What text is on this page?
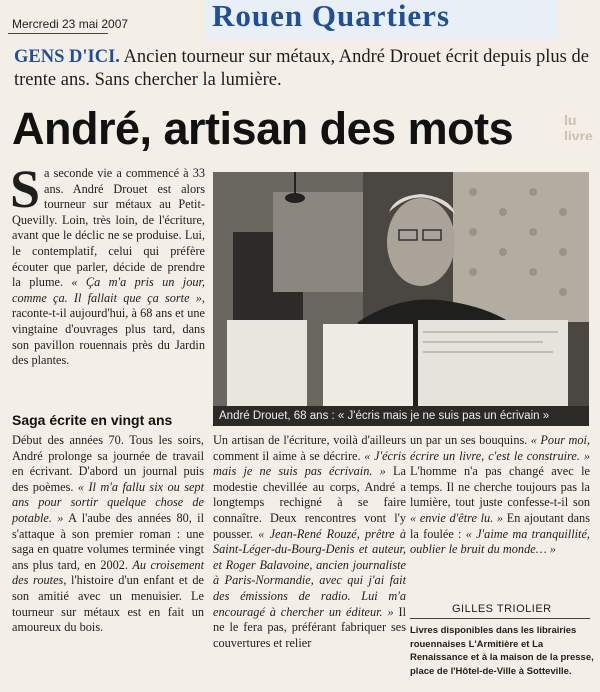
Mercredi 23 mai 2007	Rouen Quartiers
lu livre
GENS D'ICI. Ancien tourneur sur métaux, André Drouet écrit depuis plus de trente ans. Sans chercher la lumière.
André, artisan des mots

Sa seconde vie a commencé à 33 ans. André Drouet est alors tourneur sur métaux au Petit-Quevilly. Loin, très loin, de l'écriture, avant que le déclic ne se produise. Lui, le contemplatif, celui qui préfère écouter que parler, décide de prendre la plume. « Ça m'a pris un jour, comme ça. Il fallait que ça sorte », raconte-t-il aujourd'hui, à 68 ans et une vingtaine d'ouvrages plus tard, dans son pavillon rouennais près du Jardin des plantes.

André Drouet, 68 ans : « J'écris mais je ne suis pas un écrivain »
Saga écrite en vingt ans

Début des années 70. Tous les soirs, André prolonge sa journée de travail en écrivant. D'abord un journal puis des poèmes. « Il m'a fallu six ou sept ans pour sortir quelque chose de potable. » A l'aube des années 80, il s'attaque à son premier roman : une saga en quatre volumes terminée vingt ans plus tard, en 2002. Au croisement des routes, l'histoire d'un enfant et de son amitié avec un menuisier. Le tourneur sur métaux est en fait un amoureux du bois.

Un artisan de l'écriture, voilà d'ailleurs comment il aime à se décrire. « J'écris mais je ne suis pas écrivain. » La modestie chevillée au corps, André a longtemps rechigné à se faire connaître. Deux rencontres vont l'y pousser. « Jean-René Rouzé, prêtre à Saint-Léger-du-Bourg-Denis et auteur, et Roger Balavoine, ancien journaliste à Paris-Normandie, avec qui j'ai fait des émissions de radio. Lui m'a encouragé à chercher un éditeur. » Il ne le fera pas, préférant fabriquer ses couvertures et relier

un par un ses bouquins. « Pour moi, écrire un livre, c'est le construire. » L'homme n'a pas changé avec le temps. Il ne cherche toujours pas la lumière, tout juste confesse-t-il son « envie d'être lu. » En ajoutant dans la foulée : « J'aime ma tranquillité, oublier le bruit du monde… »

GILLES TRIOLIER
Livres disponibles dans les librairies rouennaises L'Armitière et La Renaissance et à la maison de la presse, place de l'Hôtel-de-Ville à Sotteville.
